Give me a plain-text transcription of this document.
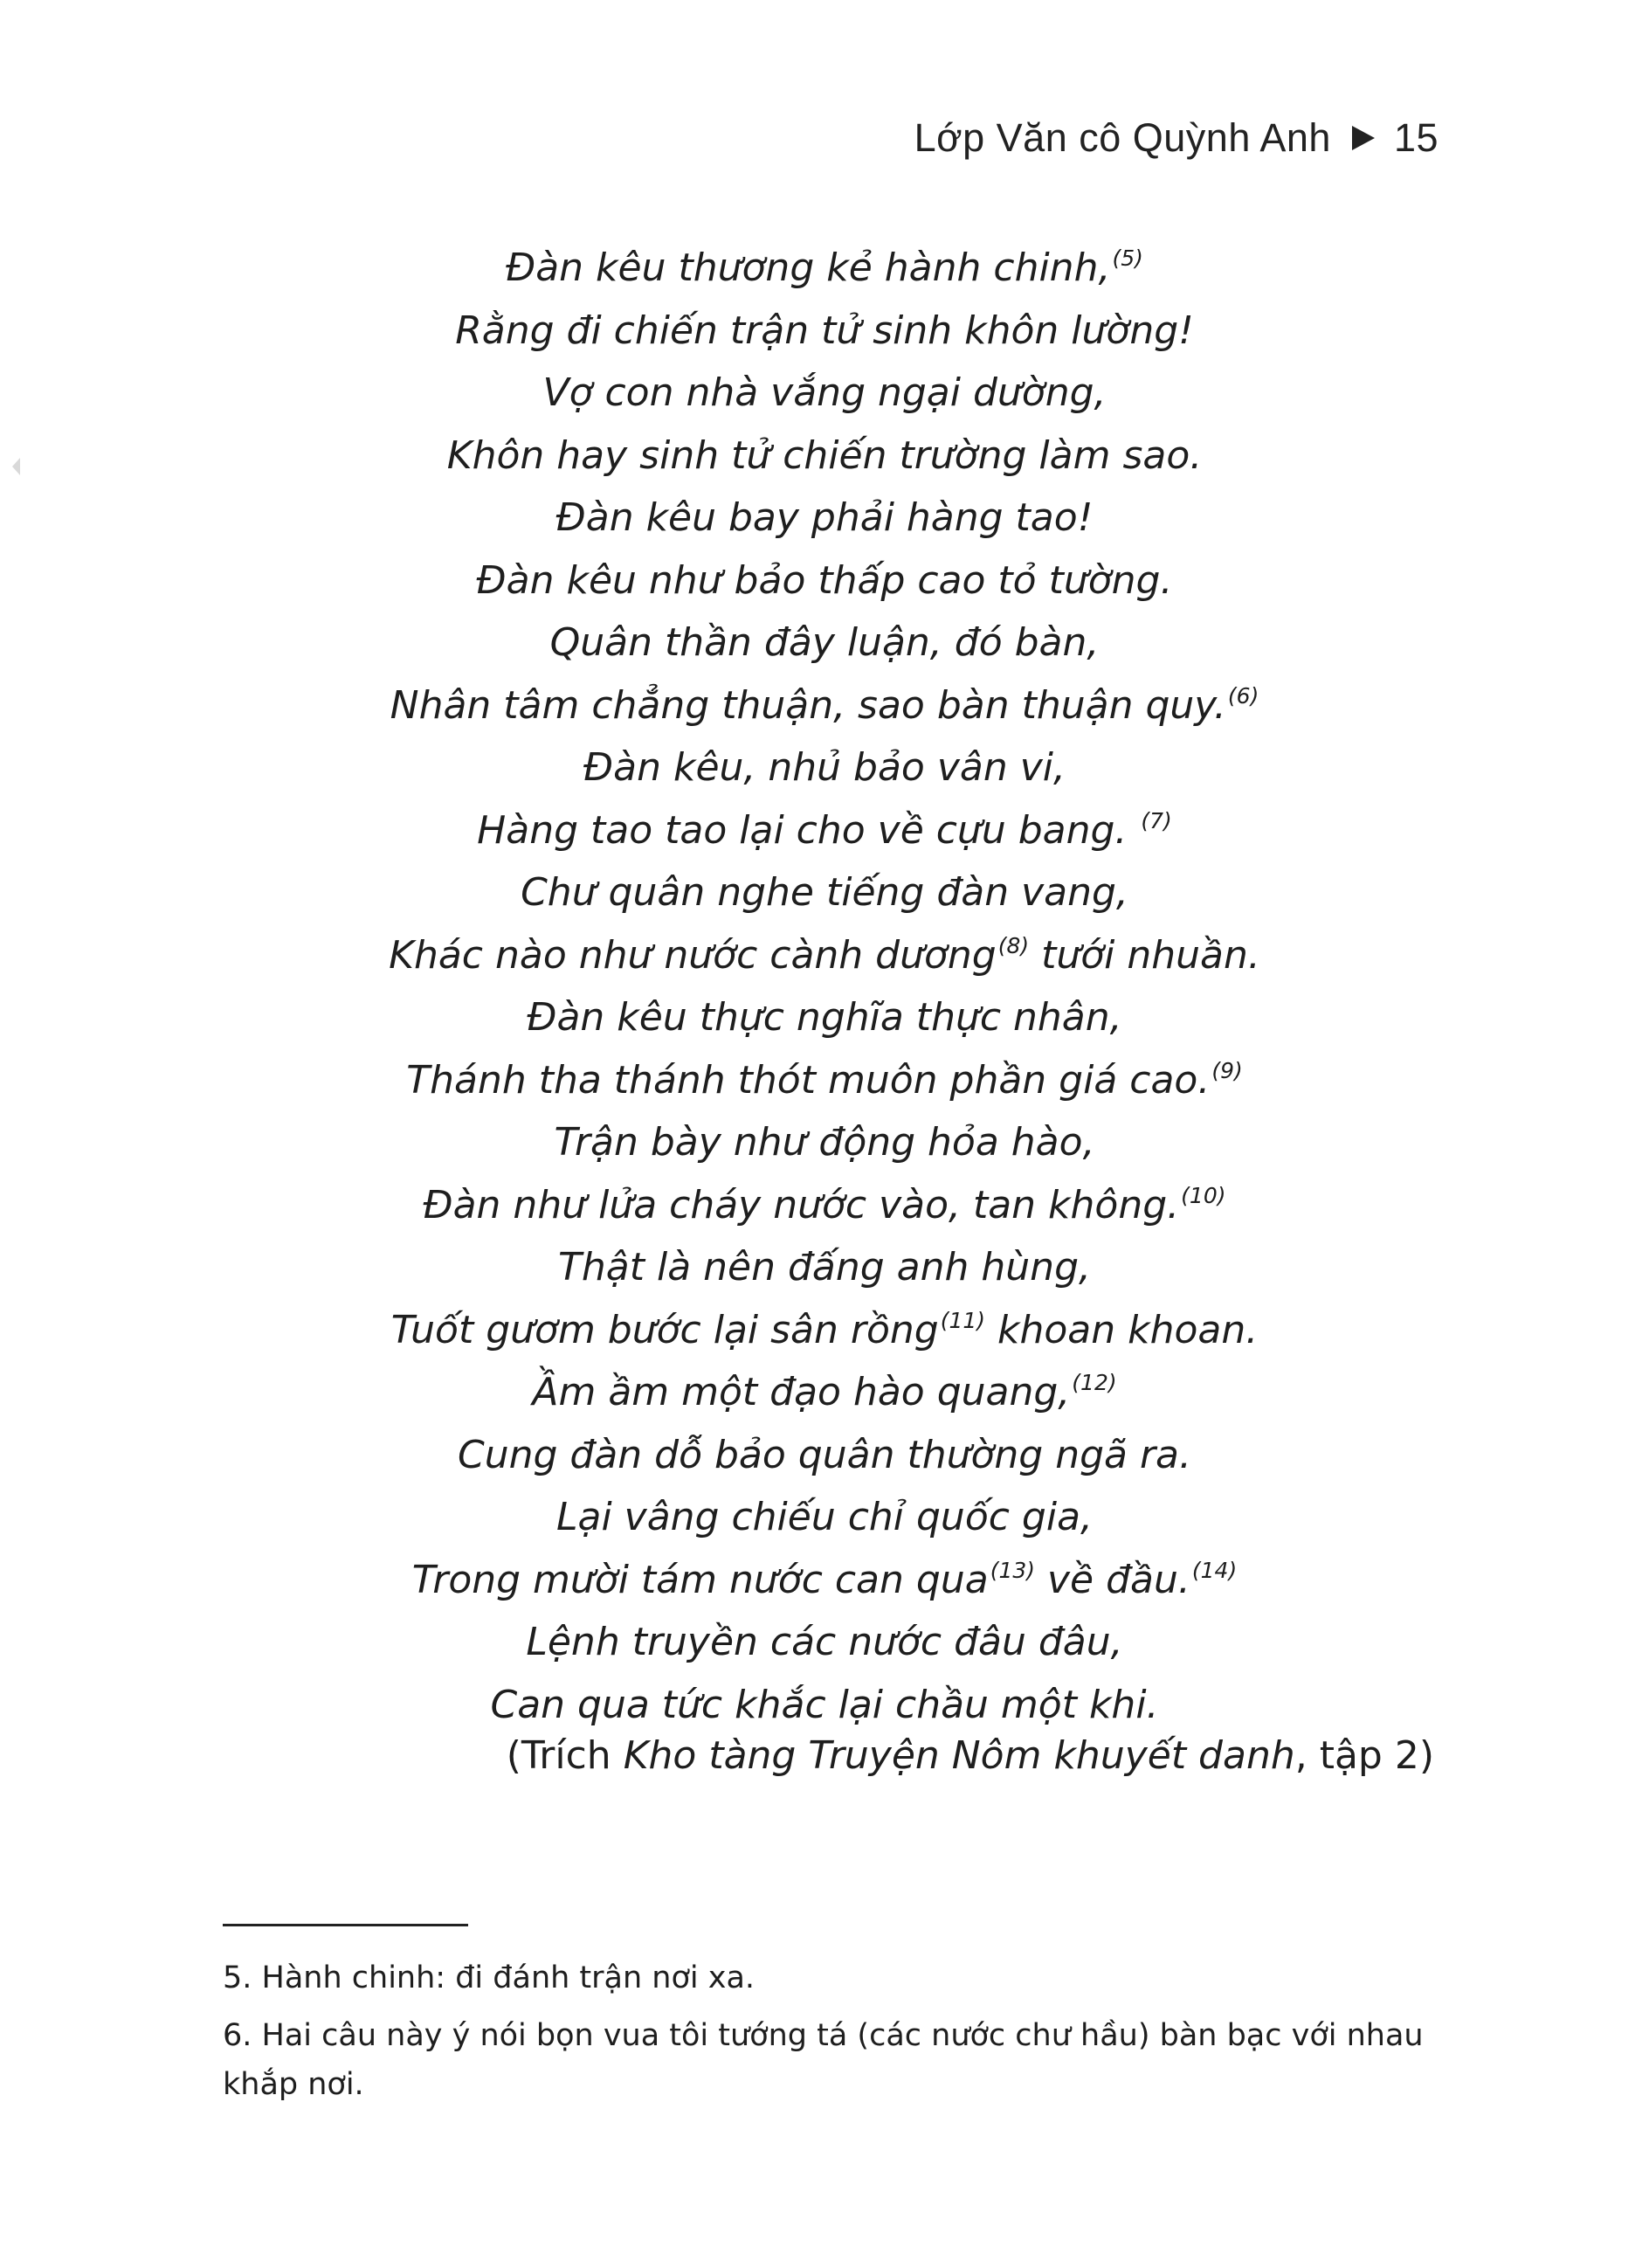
Lớp Văn cô Quỳnh Anh 15
Đàn kêu thương kẻ hành chinh,$^{(5)}$
Rằng đi chiến trận tử sinh khôn lường!
Vợ con nhà vắng ngại dường,
Khôn hay sinh tử chiến trường làm sao.
Đàn kêu bay phải hàng tao!
Đàn kêu như bảo thấp cao tỏ tường.
Quân thần đây luận, đó bàn,
Nhân tâm chẳng thuận, sao bàn thuận quy.$^{(6)}$
Đàn kêu, nhủ bảo vân vi,
Hàng tao tao lại cho về cựu bang. $^{(7)}$
Chư quân nghe tiếng đàn vang,
Khác nào như nước cành dương$^{(8)}$ tưới nhuần.
Đàn kêu thực nghĩa thực nhân,
Thánh tha thánh thót muôn phần giá cao.$^{(9)}$
Trận bày như động hỏa hào,
Đàn như lửa cháy nước vào, tan không.$^{(10)}$
Thật là nên đấng anh hùng,
Tuốt gươm bước lại sân rồng$^{(11)}$ khoan khoan.
Ầm ầm một đạo hào quang,$^{(12)}$
Cung đàn dỗ bảo quân thường ngã ra.
Lại vâng chiếu chỉ quốc gia,
Trong mười tám nước can qua$^{(13)}$ về đầu.$^{(14)}$
Lệnh truyền các nước đâu đâu,
Can qua tức khắc lại chầu một khi.
(Trích Kho tàng Truyện Nôm khuyết danh, tập 2)

5. Hành chinh: đi đánh trận nơi xa.

6. Hai câu này ý nói bọn vua tôi tướng tá (các nước chư hầu) bàn bạc với nhau khắp nơi.
